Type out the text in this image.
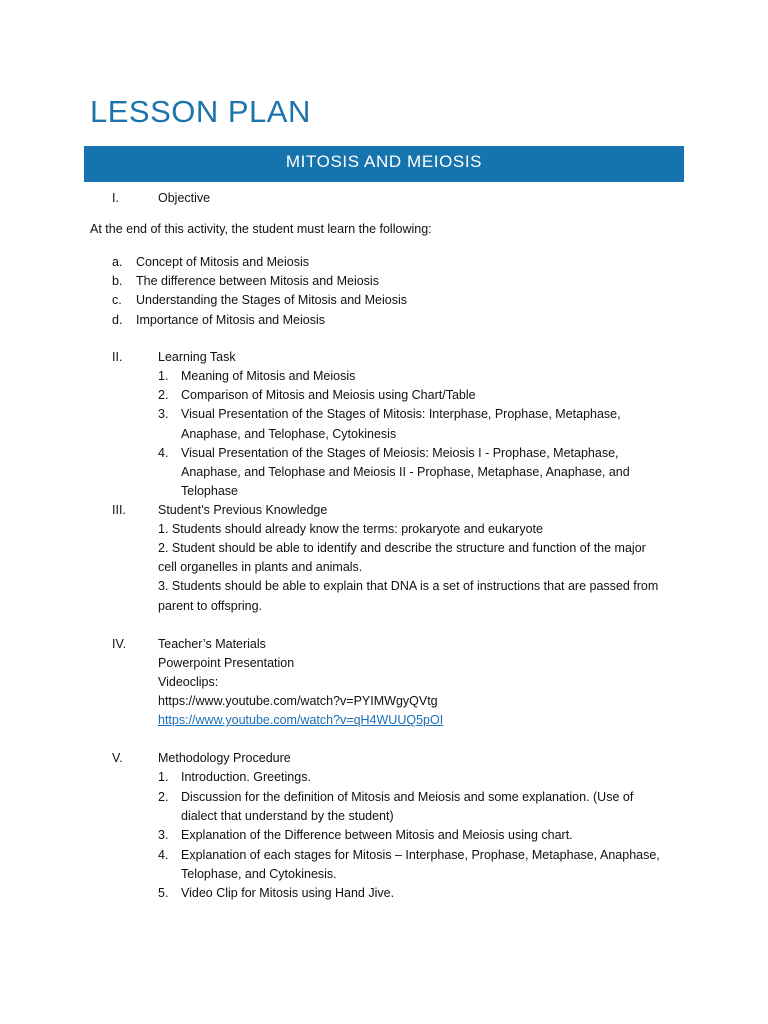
LESSON PLAN
MITOSIS AND MEIOSIS
I.	Objective
At the end of this activity, the student must learn the following:
a. Concept of Mitosis and Meiosis
b. The difference between Mitosis and Meiosis
c. Understanding the Stages of Mitosis and Meiosis
d. Importance of Mitosis and Meiosis
II.	Learning Task
1. Meaning of Mitosis and Meiosis
2. Comparison of Mitosis and Meiosis using Chart/Table
3. Visual Presentation of the Stages of Mitosis: Interphase, Prophase, Metaphase,
Anaphase, and Telophase, Cytokinesis
4. Visual Presentation of the Stages of Meiosis: Meiosis I - Prophase, Metaphase,
Anaphase, and Telophase and Meiosis II - Prophase, Metaphase, Anaphase, and
Telophase
III.	Student’s Previous Knowledge
1. Students should already know the terms: prokaryote and eukaryote
2. Student should be able to identify and describe the structure and function of the major
cell organelles in plants and animals.
3. Students should be able to explain that DNA is a set of instructions that are passed from
parent to offspring.
IV.	Teacher’s Materials
Powerpoint Presentation
Videoclips:
https://www.youtube.com/watch?v=PYIMWgyQVtg
https://www.youtube.com/watch?v=qH4WUUQ5pOI
V.	Methodology Procedure
1. Introduction. Greetings.
2. Discussion for the definition of Mitosis and Meiosis and some explanation. (Use of
dialect that understand by the student)
3. Explanation of the Difference between Mitosis and Meiosis using chart.
4. Explanation of each stages for Mitosis – Interphase, Prophase, Metaphase, Anaphase,
Telophase, and Cytokinesis.
5. Video Clip for Mitosis using Hand Jive.
